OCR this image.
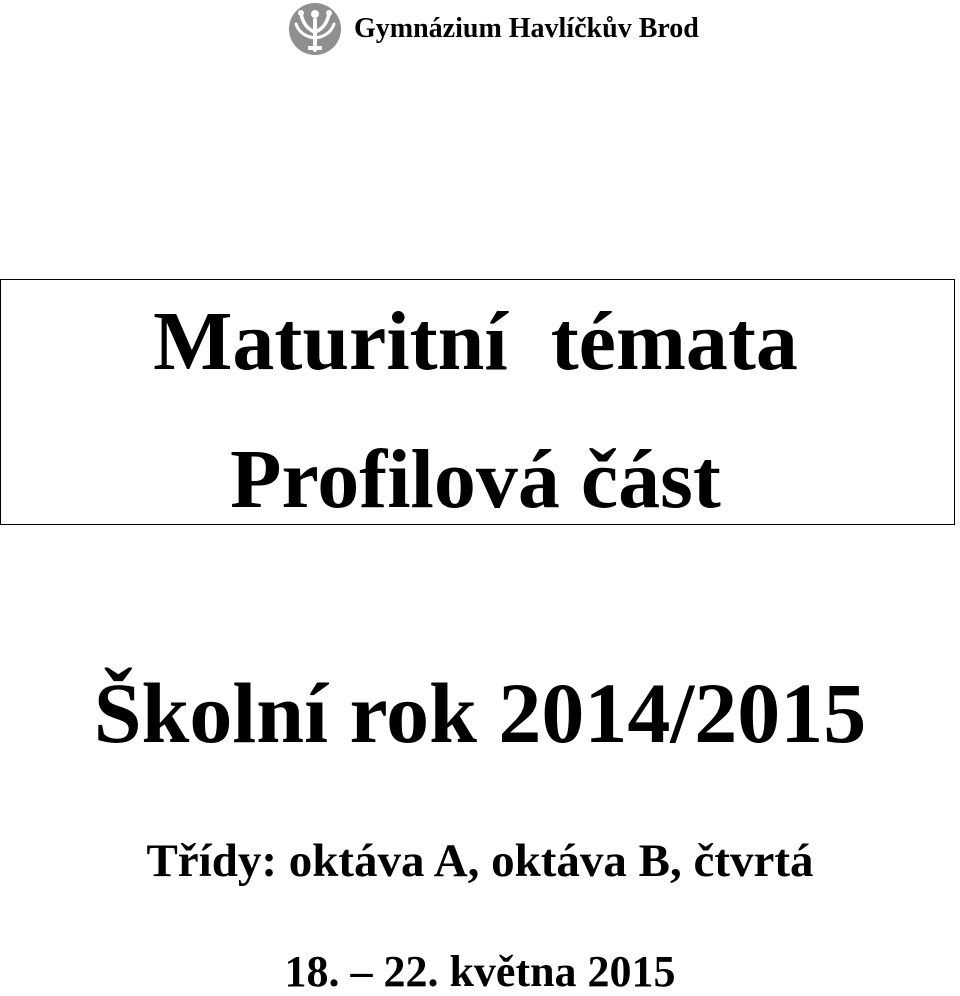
Gymnázium Havlíčkův Brod
Maturitní témata
Profilová část
Školní rok 2014/2015
Třídy: oktáva A, oktáva B, čtvrtá
18. – 22. května 2015
